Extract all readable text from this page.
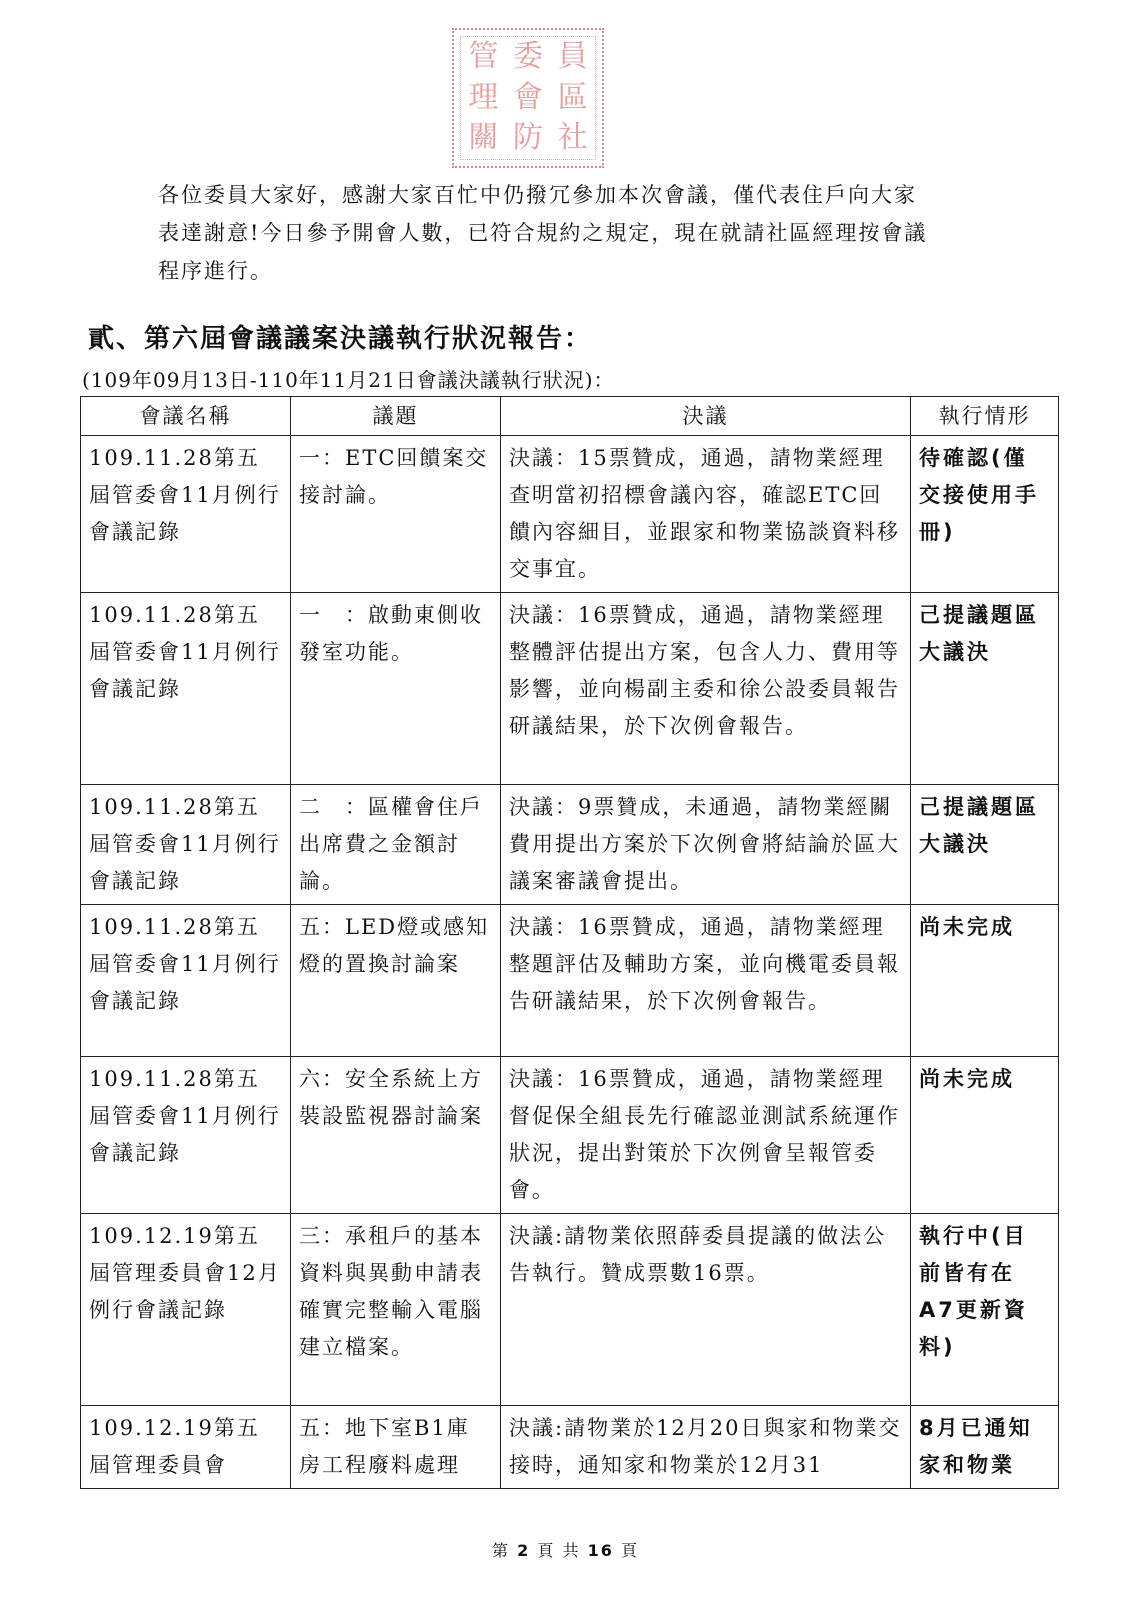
管 委 員
理 會 區
關 防 社

各位委員大家好，感謝大家百忙中仍撥冗參加本次會議，僅代表住戶向大家

表達謝意!今日參予開會人數，已符合規約之規定，現在就請社區經理按會議

程序進行。

貳、第六屆會議議案決議執行狀況報告：
(109年09月13日-110年11月21日會議決議執行狀況)：
會議名稱	議題	決議	執行情形
109.11.28第五屆管委會11月例行會議記錄	一：ETC回饋案交接討論。	決議：15票贊成，通過，請物業經理查明當初招標會議內容，確認ETC回饋內容細目，並跟家和物業協談資料移交事宜。	待確認(僅交接使用手冊)
109.11.28第五屆管委會11月例行會議記錄	一　：啟動東側收發室功能。	決議：16票贊成，通過，請物業經理整體評估提出方案，包含人力、費用等影響，並向楊副主委和徐公設委員報告研議結果，於下次例會報告。	己提議題區大議決
109.11.28第五屆管委會11月例行會議記錄	二　：區權會住戶出席費之金額討論。	決議：9票贊成，未通過，請物業經關費用提出方案於下次例會將結論於區大議案審議會提出。	己提議題區大議決
109.11.28第五屆管委會11月例行會議記錄	五：LED燈或感知燈的置換討論案	決議：16票贊成，通過，請物業經理整題評估及輔助方案，並向機電委員報告研議結果，於下次例會報告。	尚未完成
109.11.28第五屆管委會11月例行會議記錄	六：安全系統上方裝設監視器討論案	決議：16票贊成，通過，請物業經理督促保全組長先行確認並測試系統運作狀況，提出對策於下次例會呈報管委會。	尚未完成
109.12.19第五屆管理委員會12月例行會議記錄	三：承租戶的基本資料與異動申請表確實完整輸入電腦建立檔案。	決議:請物業依照薛委員提議的做法公告執行。贊成票數16票。	執行中(目前皆有在A7更新資料)
109.12.19第五屆管理委員會	五：地下室B1庫房工程廢料處理	決議:請物業於12月20日與家和物業交接時，通知家和物業於12月31	8月已通知家和物業
第 2 頁 共 16 頁
